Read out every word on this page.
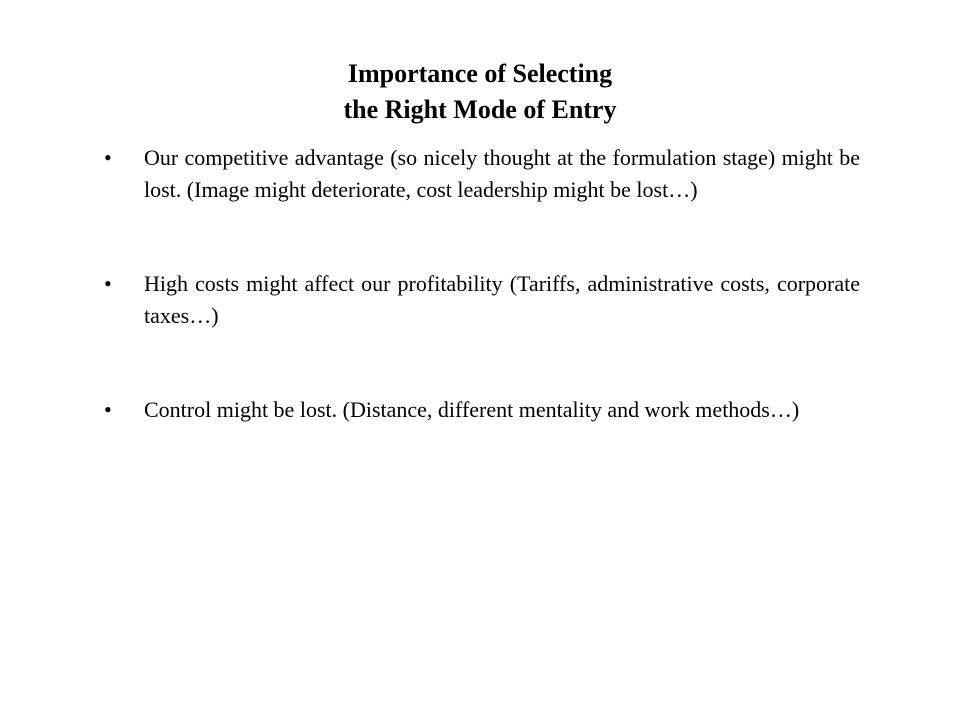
Importance of Selecting
the Right Mode of Entry
• Our competitive advantage (so nicely thought at the formulation stage) might be lost. (Image might deteriorate, cost leadership might be lost…)
• High costs might affect our profitability (Tariffs, administrative costs, corporate taxes…)
• Control might be lost. (Distance, different mentality and work methods…)
